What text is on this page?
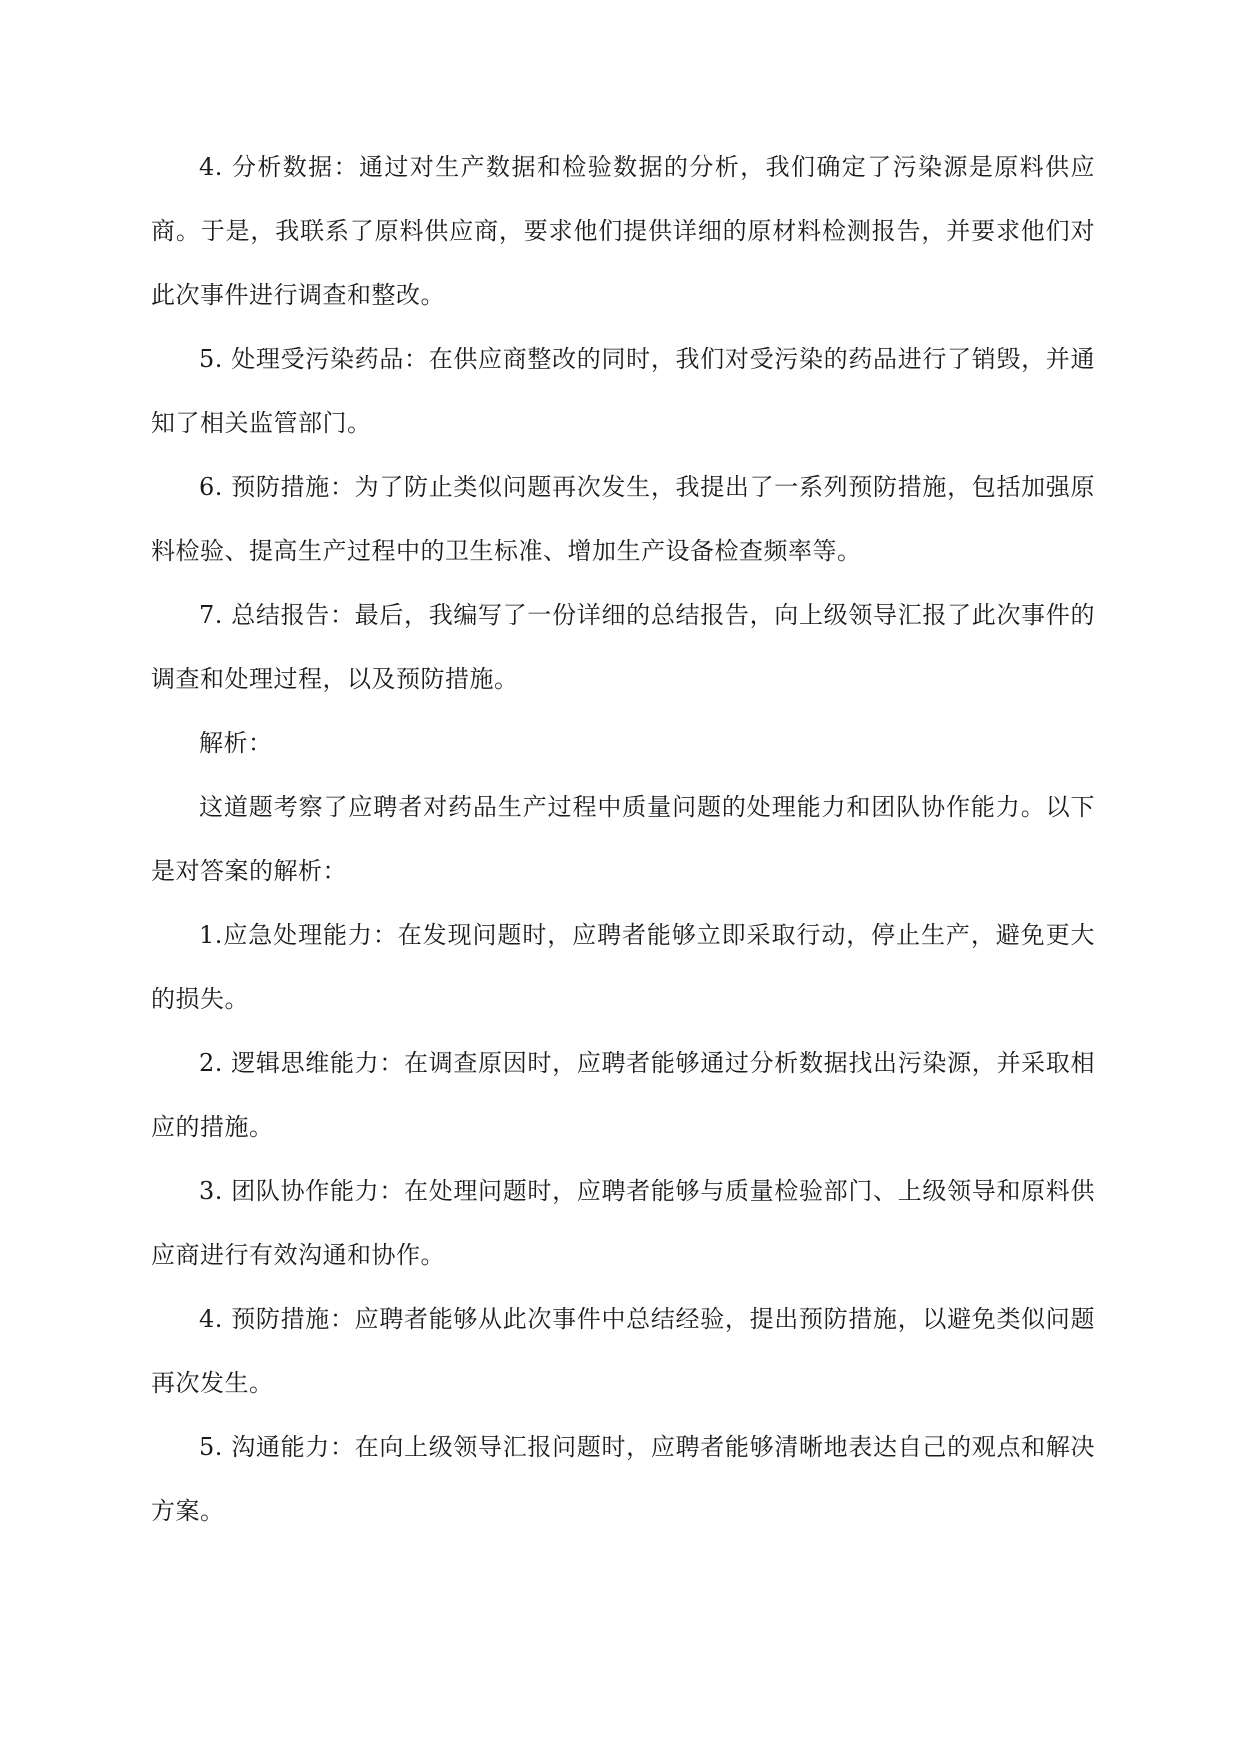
4. 分析数据：通过对生产数据和检验数据的分析，我们确定了污染源是原料供应商。于是，我联系了原料供应商，要求他们提供详细的原材料检测报告，并要求他们对此次事件进行调查和整改。

5. 处理受污染药品：在供应商整改的同时，我们对受污染的药品进行了销毁，并通知了相关监管部门。

6. 预防措施：为了防止类似问题再次发生，我提出了一系列预防措施，包括加强原料检验、提高生产过程中的卫生标准、增加生产设备检查频率等。

7. 总结报告：最后，我编写了一份详细的总结报告，向上级领导汇报了此次事件的调查和处理过程，以及预防措施。

解析：

这道题考察了应聘者对药品生产过程中质量问题的处理能力和团队协作能力。以下是对答案的解析：

1.应急处理能力：在发现问题时，应聘者能够立即采取行动，停止生产，避免更大的损失。

2. 逻辑思维能力：在调查原因时，应聘者能够通过分析数据找出污染源，并采取相应的措施。

3. 团队协作能力：在处理问题时，应聘者能够与质量检验部门、上级领导和原料供应商进行有效沟通和协作。

4. 预防措施：应聘者能够从此次事件中总结经验，提出预防措施，以避免类似问题再次发生。

5. 沟通能力：在向上级领导汇报问题时，应聘者能够清晰地表达自己的观点和解决方案。
